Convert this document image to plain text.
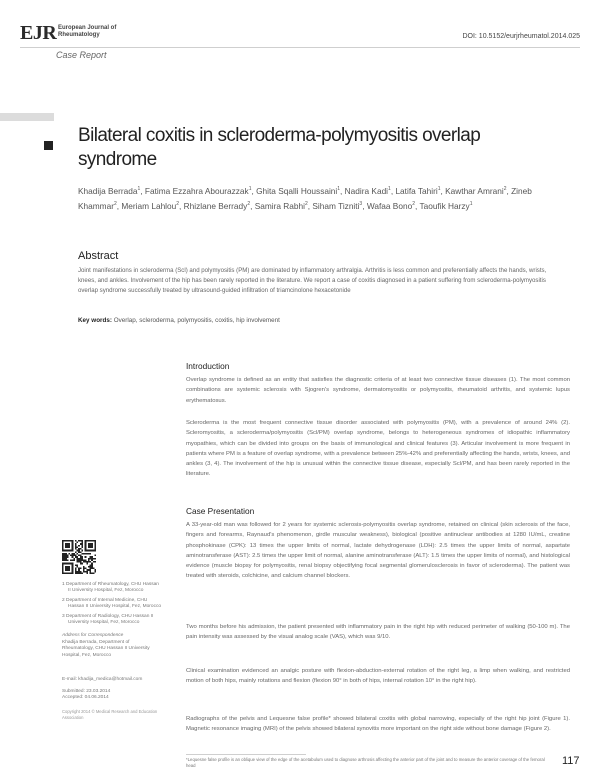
EJR European Journal of Rheumatology	DOI: 10.5152/eurjrheumatol.2014.025
Case Report
Bilateral coxitis in scleroderma-polymyositis overlap syndrome
Khadija Berrada$^1$, Fatima Ezzahra Abourazzak$^1$, Ghita Sqalli Houssaini$^1$, Nadira Kadi$^1$, Latifa Tahiri$^1$, Kawthar Amrani$^2$, Zineb Khammar$^2$, Meriam Lahlou$^2$, Rhizlane Berrady$^2$, Samira Rabhi$^2$, Siham Tizniti$^3$, Wafaa Bono$^2$, Taoufik Harzy$^1$
Abstract
Joint manifestations in scleroderma (Scl) and polymyositis (PM) are dominated by inflammatory arthralgia. Arthritis is less common and preferentially affects the hands, wrists, knees, and ankles. Involvement of the hip has been rarely reported in the literature. We report a case of coxitis diagnosed in a patient suffering from scleroderma-polymyositis overlap syndrome successfully treated by ultrasound-guided infiltration of triamcinolone hexacetonide
Key words: Overlap, scleroderma, polymyositis, coxitis, hip involvement
Introduction
Overlap syndrome is defined as an entity that satisfies the diagnostic criteria of at least two connective tissue diseases (1). The most common combinations are systemic sclerosis with Sjogren's syndrome, dermatomyositis or polymyositis, rheumatoid arthritis, and systemic lupus erythematosus.
Scleroderma is the most frequent connective tissue disorder associated with polymyositis (PM), with a prevalence of around 24% (2). Scleromyositis, a scleroderma/polymyositis (Scl/PM) overlap syndrome, belongs to heterogeneous syndromes of idiopathic inflammatory myopathies, which can be divided into groups on the basis of immunological and clinical features (3). Articular involvement is more frequent in patients where PM is a feature of overlap syndrome, with a prevalence between 25%-42% and preferentially affecting the hands, wrists, knees, and ankles (3, 4). The involvement of the hip is unusual within the connective tissue disease, especially Scl/PM, and has been rarely reported in the literature.
Case Presentation
A 33-year-old man was followed for 2 years for systemic sclerosis-polymyositis overlap syndrome, retained on clinical (skin sclerosis of the face, fingers and forearms, Raynaud's phenomenon, girdle muscular weakness), biological (positive antinuclear antibodies at 1280 IU/mL, creatine phosphokinase (CPK): 13 times the upper limits of normal, lactate dehydrogenase (LDH): 2.5 times the upper limits of normal, aspartate aminotransferase (AST): 2.5 times the upper limit of normal, alanine aminotransferase (ALT): 1.5 times the upper limits of normal), and histological evidence (muscle biopsy for polymyositis, renal biopsy objectifying focal segmental glomerulosclerosis in favor of scleroderma). The patient was treated with steroids, colchicine, and calcium channel blockers.
Two months before his admission, the patient presented with inflammatory pain in the right hip with reduced perimeter of walking (50-100 m). The pain intensity was assessed by the visual analog scale (VAS), which was 9/10.
Clinical examination evidenced an analgic posture with flexion-abduction-external rotation of the right leg, a limp when walking, and restricted motion of both hips, mainly rotations and flexion (flexion 90° in both of hips, internal rotation 10° in the right hip).
Radiographs of the pelvis and Lequesne false profile* showed bilateral coxitis with global narrowing, especially of the right hip joint (Figure 1). Magnetic resonance imaging (MRI) of the pelvis showed bilateral synovitis more important on the right side without bone damage (Figure 2).
*Lequesne false profile is an oblique view of the edge of the acetabulum used to diagnose arthrosis affecting the anterior part of the joint and to measure the anterior coverage of the femoral head	117
1 Department of Rheumatology, CHU Hassan II University Hospital, Fez, Morocco
2 Department of Internal Medicine, CHU Hassan II University Hospital, Fez, Morocco
3 Department of Radiology, CHU Hassan II University Hospital, Fez, Morocco
Address for Correspondence
Khadija Berrada, Department of Rheumatology, CHU Hassan II University Hospital, Fez, Morocco
E-mail: khadija_medica@hotmail.com
Submitted: 23.03.2014
Accepted: 04.06.2014
Copyright 2014 © Medical Research and Education Association
